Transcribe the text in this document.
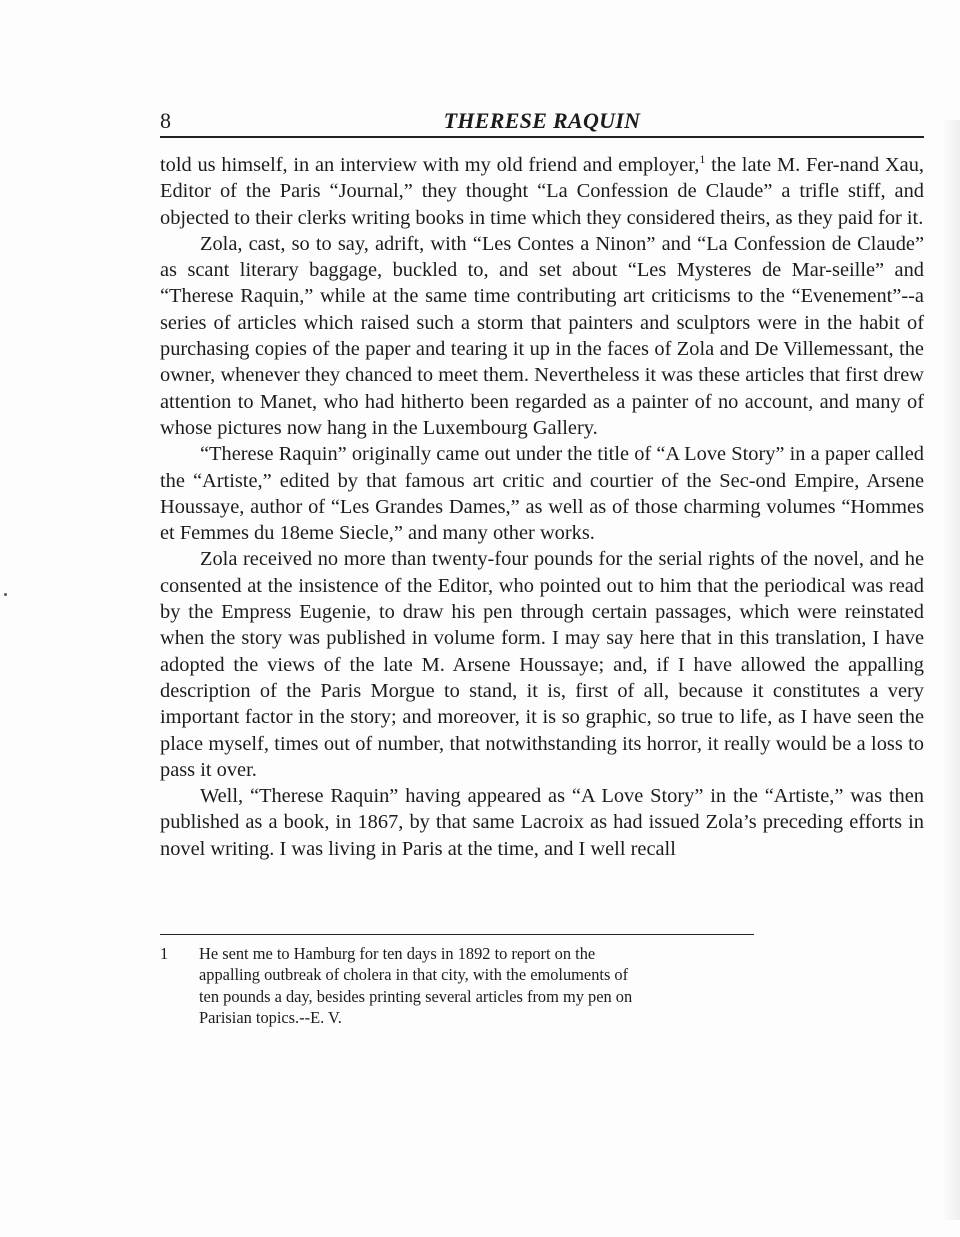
8	THERESE RAQUIN

told us himself, in an interview with my old friend and employer,$^1$ the late M. Fer-nand Xau, Editor of the Paris “Journal,” they thought “La Confession de Claude” a trifle stiff, and objected to their clerks writing books in time which they considered theirs, as they paid for it.

Zola, cast, so to say, adrift, with “Les Contes a Ninon” and “La Confession de Claude” as scant literary baggage, buckled to, and set about “Les Mysteres de Mar-seille” and “Therese Raquin,” while at the same time contributing art criticisms to the “Evenement”--a series of articles which raised such a storm that painters and sculptors were in the habit of purchasing copies of the paper and tearing it up in the faces of Zola and De Villemessant, the owner, whenever they chanced to meet them. Nevertheless it was these articles that first drew attention to Manet, who had hitherto been regarded as a painter of no account, and many of whose pictures now hang in the Luxembourg Gallery.

“Therese Raquin” originally came out under the title of “A Love Story” in a paper called the “Artiste,” edited by that famous art critic and courtier of the Sec-ond Empire, Arsene Houssaye, author of “Les Grandes Dames,” as well as of those charming volumes “Hommes et Femmes du 18eme Siecle,” and many other works.

Zola received no more than twenty-four pounds for the serial rights of the novel, and he consented at the insistence of the Editor, who pointed out to him that the periodical was read by the Empress Eugenie, to draw his pen through certain passages, which were reinstated when the story was published in volume form. I may say here that in this translation, I have adopted the views of the late M. Arsene Houssaye; and, if I have allowed the appalling description of the Paris Morgue to stand, it is, first of all, because it constitutes a very important factor in the story; and moreover, it is so graphic, so true to life, as I have seen the place myself, times out of number, that notwithstanding its horror, it really would be a loss to pass it over.

Well, “Therese Raquin” having appeared as “A Love Story” in the “Artiste,” was then published as a book, in 1867, by that same Lacroix as had issued Zola’s preceding efforts in novel writing. I was living in Paris at the time, and I well recall

1 He sent me to Hamburg for ten days in 1892 to report on the appalling outbreak of cholera in that city, with the emoluments of ten pounds a day, besides printing several articles from my pen on Parisian topics.--E. V.
